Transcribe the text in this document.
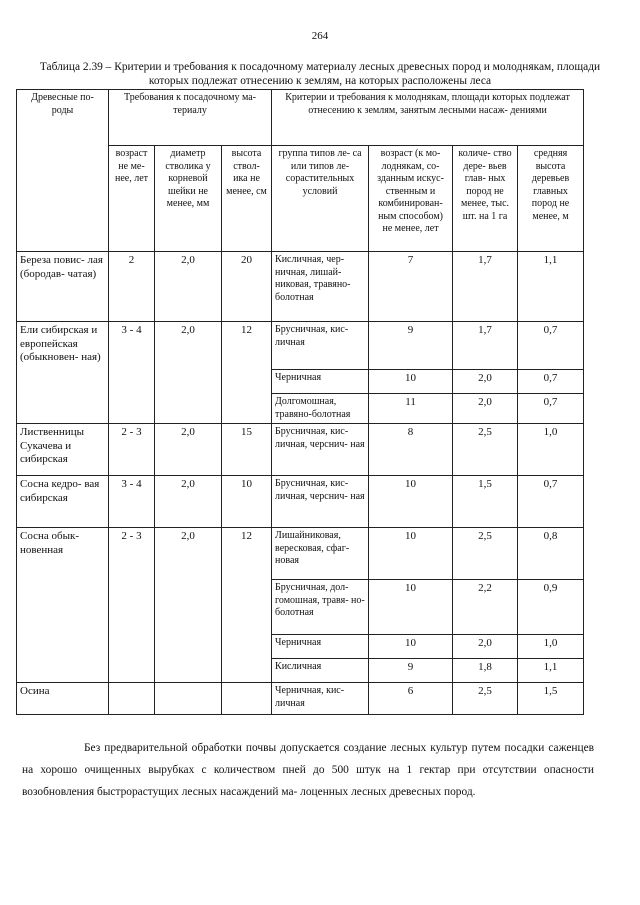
264
Таблица 2.39 – Критерии и требования к посадочному материалу лесных древесных пород и молоднякам, площади которых подлежат отнесению к землям, на которых расположены леса
Древесные по- роды	Требования к посадочному ма- териалу			Критерии и требования к молоднякам, площади которых подлежат отнесению к землям, занятым лесными насаж- дениями			
	возраст не ме- нее, лет	диаметр стволика у корневой шейки не менее, мм	высота ствол- ика не менее, см	группа типов ле- са или типов ле- сорастительных условий	возраст (к мо- лоднякам, со- зданным искус- ственным и комбинирован- ным способом) не менее, лет	количе- ство дере- вьев глав- ных пород не менее, тыс. шт. на 1 га	средняя высота деревьев главных пород не менее, м
Береза повис- лая (бородав- чатая)	2	2,0	20	Кисличная, чер- ничная, лишай- никовая, травяно- болотная	7	1,7	1,1
Ели сибирская и европейская (обыкновен- ная)	3 - 4	2,0	12	Брусничная, кис- личная	9	1,7	0,7
				Черничная	10	2,0	0,7
				Долгомошная, травяно-болотная	11	2,0	0,7
Лиственницы Сукачева и сибирская	2 - 3	2,0	15	Брусничная, кис- личная, черснич- ная	8	2,5	1,0
Сосна кедро- вая сибирская	3 - 4	2,0	10	Брусничная, кис- личная, черснич- ная	10	1,5	0,7
Сосна обык- новенная	2 - 3	2,0	12	Лишайниковая, вересковая, сфаг- новая	10	2,5	0,8
				Брусничная, дол- гомошная, травя- но-болотная	10	2,2	0,9
				Черничная	10	2,0	1,0
				Кисличная	9	1,8	1,1
Осина				Черничная, кис- личная	6	2,5	1,5
Без предварительной обработки почвы допускается создание лесных культур путем посадки саженцев на хорошо очищенных вырубках с количеством пней до 500 штук на 1 гектар при отсутствии опасности возобновления быстрорастущих лесных насаждений ма- лоценных лесных древесных пород.
